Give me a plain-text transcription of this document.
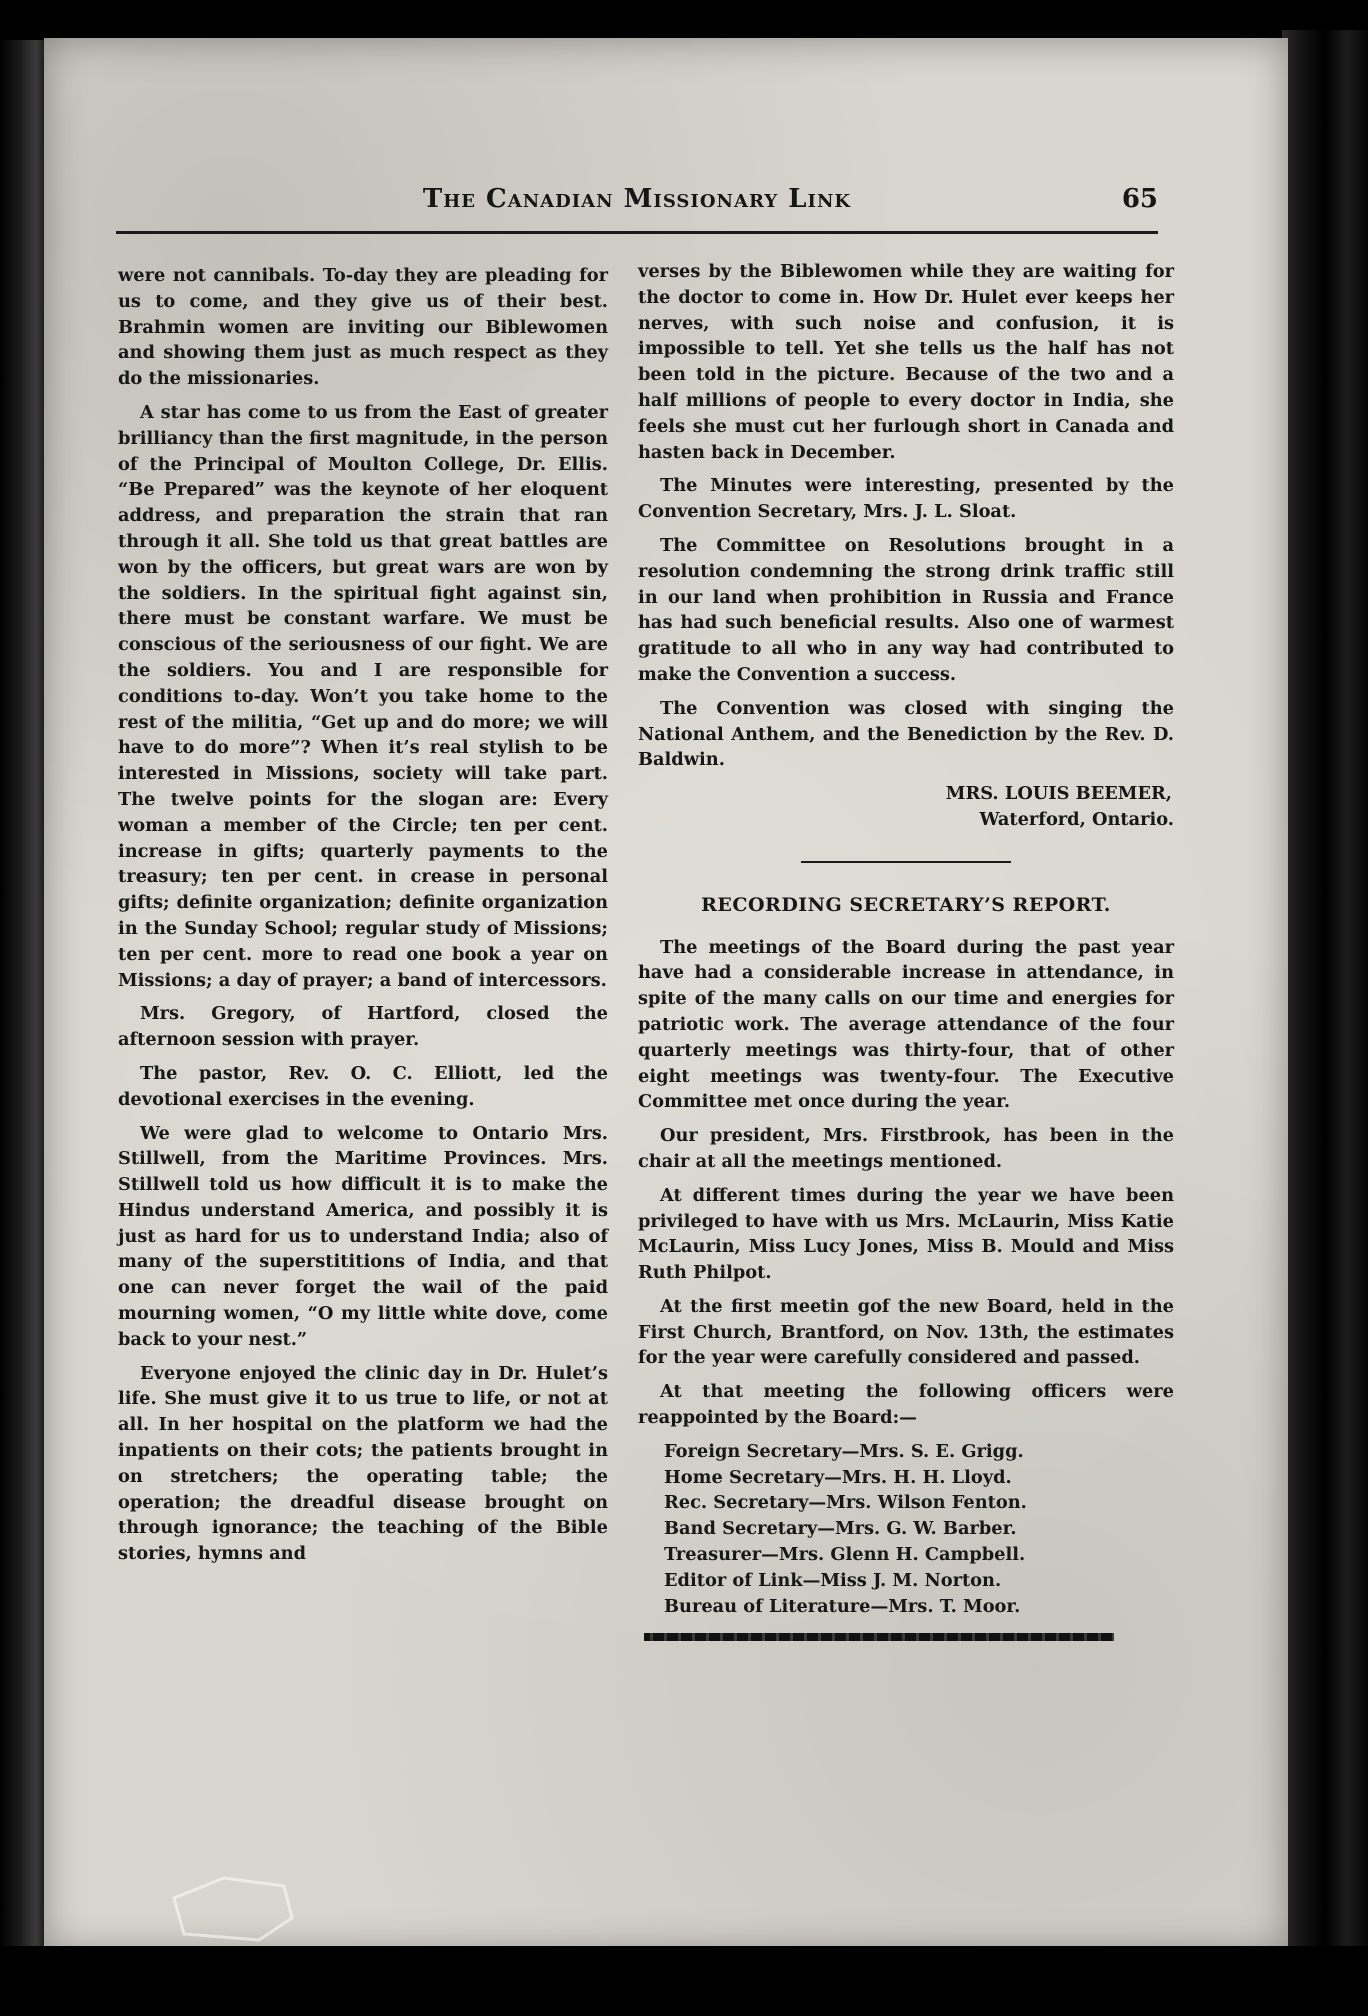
The Canadian Missionary Link	65

were not cannibals. To-day they are pleading for us to come, and they give us of their best. Brahmin women are inviting our Biblewomen and showing them just as much respect as they do the missionaries.

A star has come to us from the East of greater brilliancy than the first magnitude, in the person of the Principal of Moulton College, Dr. Ellis. “Be Prepared” was the keynote of her eloquent address, and preparation the strain that ran through it all. She told us that great battles are won by the officers, but great wars are won by the soldiers. In the spiritual fight against sin, there must be constant warfare. We must be conscious of the seriousness of our fight. We are the soldiers. You and I are responsible for conditions to-day. Won’t you take home to the rest of the militia, “Get up and do more; we will have to do more”? When it’s real stylish to be interested in Missions, society will take part. The twelve points for the slogan are: Every woman a member of the Circle; ten per cent. increase in gifts; quarterly payments to the treasury; ten per cent. in crease in personal gifts; definite organization; definite organization in the Sunday School; regular study of Missions; ten per cent. more to read one book a year on Missions; a day of prayer; a band of intercessors.

Mrs. Gregory, of Hartford, closed the afternoon session with prayer.

The pastor, Rev. O. C. Elliott, led the devotional exercises in the evening.

We were glad to welcome to Ontario Mrs. Stillwell, from the Maritime Provinces. Mrs. Stillwell told us how difficult it is to make the Hindus understand America, and possibly it is just as hard for us to understand India; also of many of the superstititions of India, and that one can never forget the wail of the paid mourning women, “O my little white dove, come back to your nest.”

Everyone enjoyed the clinic day in Dr. Hulet’s life. She must give it to us true to life, or not at all. In her hospital on the platform we had the inpatients on their cots; the patients brought in on stretchers; the operating table; the operation; the dreadful disease brought on through ignorance; the teaching of the Bible stories, hymns and

verses by the Biblewomen while they are waiting for the doctor to come in. How Dr. Hulet ever keeps her nerves, with such noise and confusion, it is impossible to tell. Yet she tells us the half has not been told in the picture. Because of the two and a half millions of people to every doctor in India, she feels she must cut her furlough short in Canada and hasten back in December.

The Minutes were interesting, presented by the Convention Secretary, Mrs. J. L. Sloat.

The Committee on Resolutions brought in a resolution condemning the strong drink traffic still in our land when prohibition in Russia and France has had such beneficial results. Also one of warmest gratitude to all who in any way had contributed to make the Convention a success.

The Convention was closed with singing the National Anthem, and the Benediction by the Rev. D. Baldwin.

MRS. LOUIS BEEMER,
Waterford, Ontario.
RECORDING SECRETARY’S REPORT.

The meetings of the Board during the past year have had a considerable increase in attendance, in spite of the many calls on our time and energies for patriotic work. The average attendance of the four quarterly meetings was thirty-four, that of other eight meetings was twenty-four. The Executive Committee met once during the year.

Our president, Mrs. Firstbrook, has been in the chair at all the meetings mentioned.

At different times during the year we have been privileged to have with us Mrs. McLaurin, Miss Katie McLaurin, Miss Lucy Jones, Miss B. Mould and Miss Ruth Philpot.

At the first meetin gof the new Board, held in the First Church, Brantford, on Nov. 13th, the estimates for the year were carefully considered and passed.

At that meeting the following officers were reappointed by the Board:—

Foreign Secretary—Mrs. S. E. Grigg.
Home Secretary—Mrs. H. H. Lloyd.
Rec. Secretary—Mrs. Wilson Fenton.
Band Secretary—Mrs. G. W. Barber.
Treasurer—Mrs. Glenn H. Campbell.
Editor of Link—Miss J. M. Norton.
Bureau of Literature—Mrs. T. Moor.
